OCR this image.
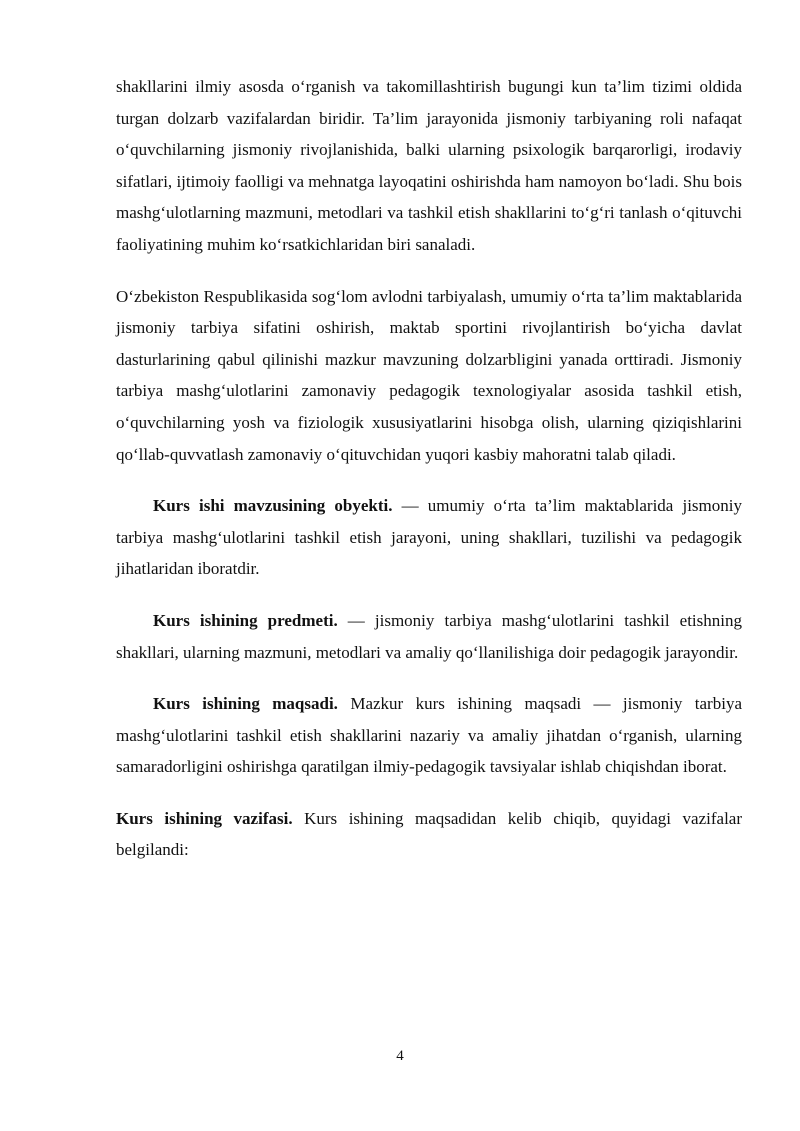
shakllarini ilmiy asosda o‘rganish va takomillashtirish bugungi kun ta’lim tizimi oldida turgan dolzarb vazifalardan biridir. Ta’lim jarayonida jismoniy tarbiyaning roli nafaqat o‘quvchilarning jismoniy rivojlanishida, balki ularning psixologik barqarorligi, irodaviy sifatlari, ijtimoiy faolligi va mehnatga layoqatini oshirishda ham namoyon bo‘ladi. Shu bois mashg‘ulotlarning mazmuni, metodlari va tashkil etish shakllarini to‘g‘ri tanlash o‘qituvchi faoliyatining muhim ko‘rsatkichlaridan biri sanaladi.

O‘zbekiston Respublikasida sog‘lom avlodni tarbiyalash, umumiy o‘rta ta’lim maktablarida jismoniy tarbiya sifatini oshirish, maktab sportini rivojlantirish bo‘yicha davlat dasturlarining qabul qilinishi mazkur mavzuning dolzarbligini yanada orttiradi. Jismoniy tarbiya mashg‘ulotlarini zamonaviy pedagogik texnologiyalar asosida tashkil etish, o‘quvchilarning yosh va fiziologik xususiyatlarini hisobga olish, ularning qiziqishlarini qo‘llab-quvvatlash zamonaviy o‘qituvchidan yuqori kasbiy mahoratni talab qiladi.

Kurs ishi mavzusining obyekti. — umumiy o‘rta ta’lim maktablarida jismoniy tarbiya mashg‘ulotlarini tashkil etish jarayoni, uning shakllari, tuzilishi va pedagogik jihatlaridan iboratdir.

Kurs ishining predmeti. — jismoniy tarbiya mashg‘ulotlarini tashkil etishning shakllari, ularning mazmuni, metodlari va amaliy qo‘llanilishiga doir pedagogik jarayondir.

Kurs ishining maqsadi. Mazkur kurs ishining maqsadi — jismoniy tarbiya mashg‘ulotlarini tashkil etish shakllarini nazariy va amaliy jihatdan o‘rganish, ularning samaradorligini oshirishga qaratilgan ilmiy-pedagogik tavsiyalar ishlab chiqishdan iborat.

Kurs ishining vazifasi. Kurs ishining maqsadidan kelib chiqib, quyidagi vazifalar belgilandi:

4
